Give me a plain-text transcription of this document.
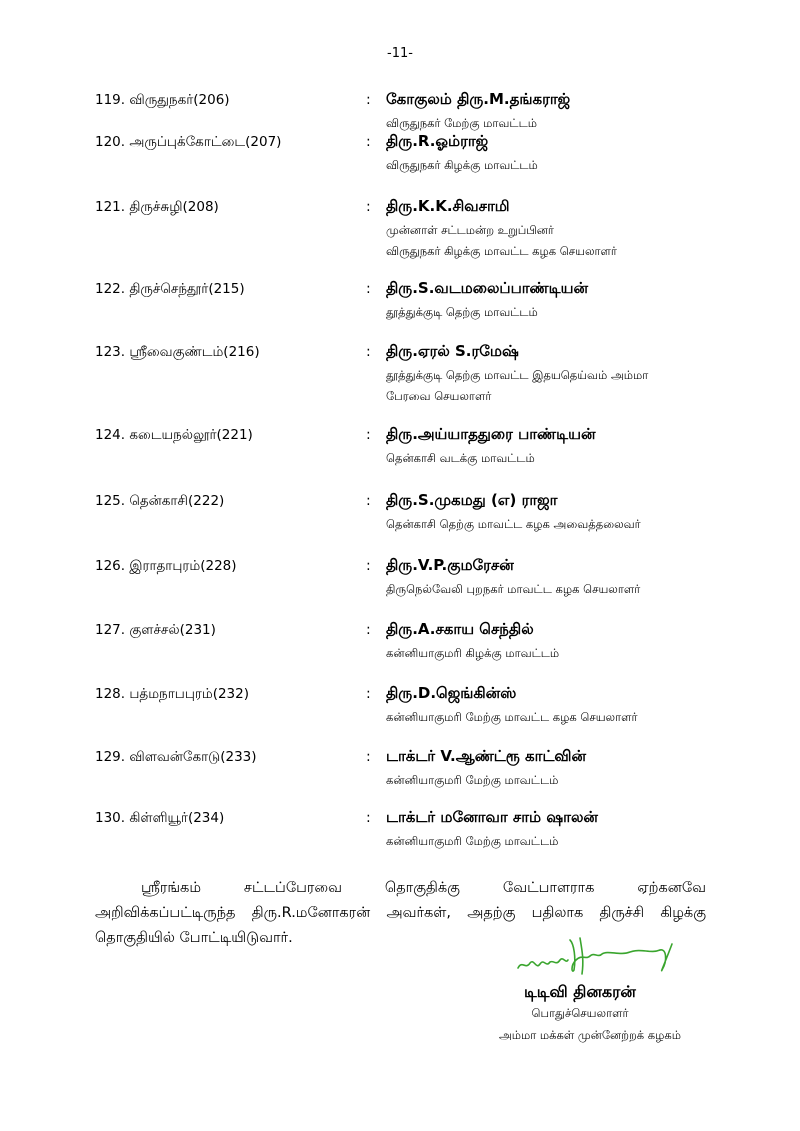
-11-
119. விருதுநகர்(206)	: கோகுலம் திரு.M.தங்கராஜ்
விருதுநகர் மேற்கு மாவட்டம்
120. அருப்புக்கோட்டை(207)	: திரு.R.ஓம்ராஜ்
விருதுநகர் கிழக்கு மாவட்டம்
121. திருச்சுழி(208)	: திரு.K.K.சிவசாமி
முன்னாள் சட்டமன்ற உறுப்பினர்
விருதுநகர் கிழக்கு மாவட்ட கழக செயலாளர்
122. திருச்செந்தூர்(215)	: திரு.S.வடமலைப்பாண்டியன்
தூத்துக்குடி தெற்கு மாவட்டம்
123. ஸ்ரீவைகுண்டம்(216)	: திரு.ஏரல் S.ரமேஷ்
தூத்துக்குடி தெற்கு மாவட்ட இதயதெய்வம் அம்மா
பேரவை செயலாளர்
124. கடையநல்லூர்(221)	: திரு.அய்யாததுரை பாண்டியன்
தென்காசி வடக்கு மாவட்டம்
125. தென்காசி(222)	: திரு.S.முகமது (எ) ராஜா
தென்காசி தெற்கு மாவட்ட கழக அவைத்தலைவர்
126. இராதாபுரம்(228)	: திரு.V.P.குமரேசன்
திருநெல்வேலி புறநகர் மாவட்ட கழக செயலாளர்
127. குளச்சல்(231)	: திரு.A.சகாய செந்தில்
கன்னியாகுமரி கிழக்கு மாவட்டம்
128. பத்மநாபபுரம்(232)	: திரு.D.ஜெங்கின்ஸ்
கன்னியாகுமரி மேற்கு மாவட்ட கழக செயலாளர்
129. விளவன்கோடு(233)	: டாக்டர் V.ஆண்ட்ரூ காட்வின்
கன்னியாகுமரி மேற்கு மாவட்டம்
130. கிள்ளியூர்(234)	: டாக்டர் மனோவா சாம் ஷாலன்
கன்னியாகுமரி மேற்கு மாவட்டம்
ஸ்ரீரங்கம் சட்டப்பேரவை தொகுதிக்கு வேட்பாளராக ஏற்கனவே
அறிவிக்கப்பட்டிருந்த திரு.R.மனோகரன் அவர்கள், அதற்கு பதிலாக திருச்சி கிழக்கு
தொகுதியில் போட்டியிடுவார்.
டிடிவி தினகரன்
பொதுச்செயலாளர்
அம்மா மக்கள் முன்னேற்றக் கழகம்
